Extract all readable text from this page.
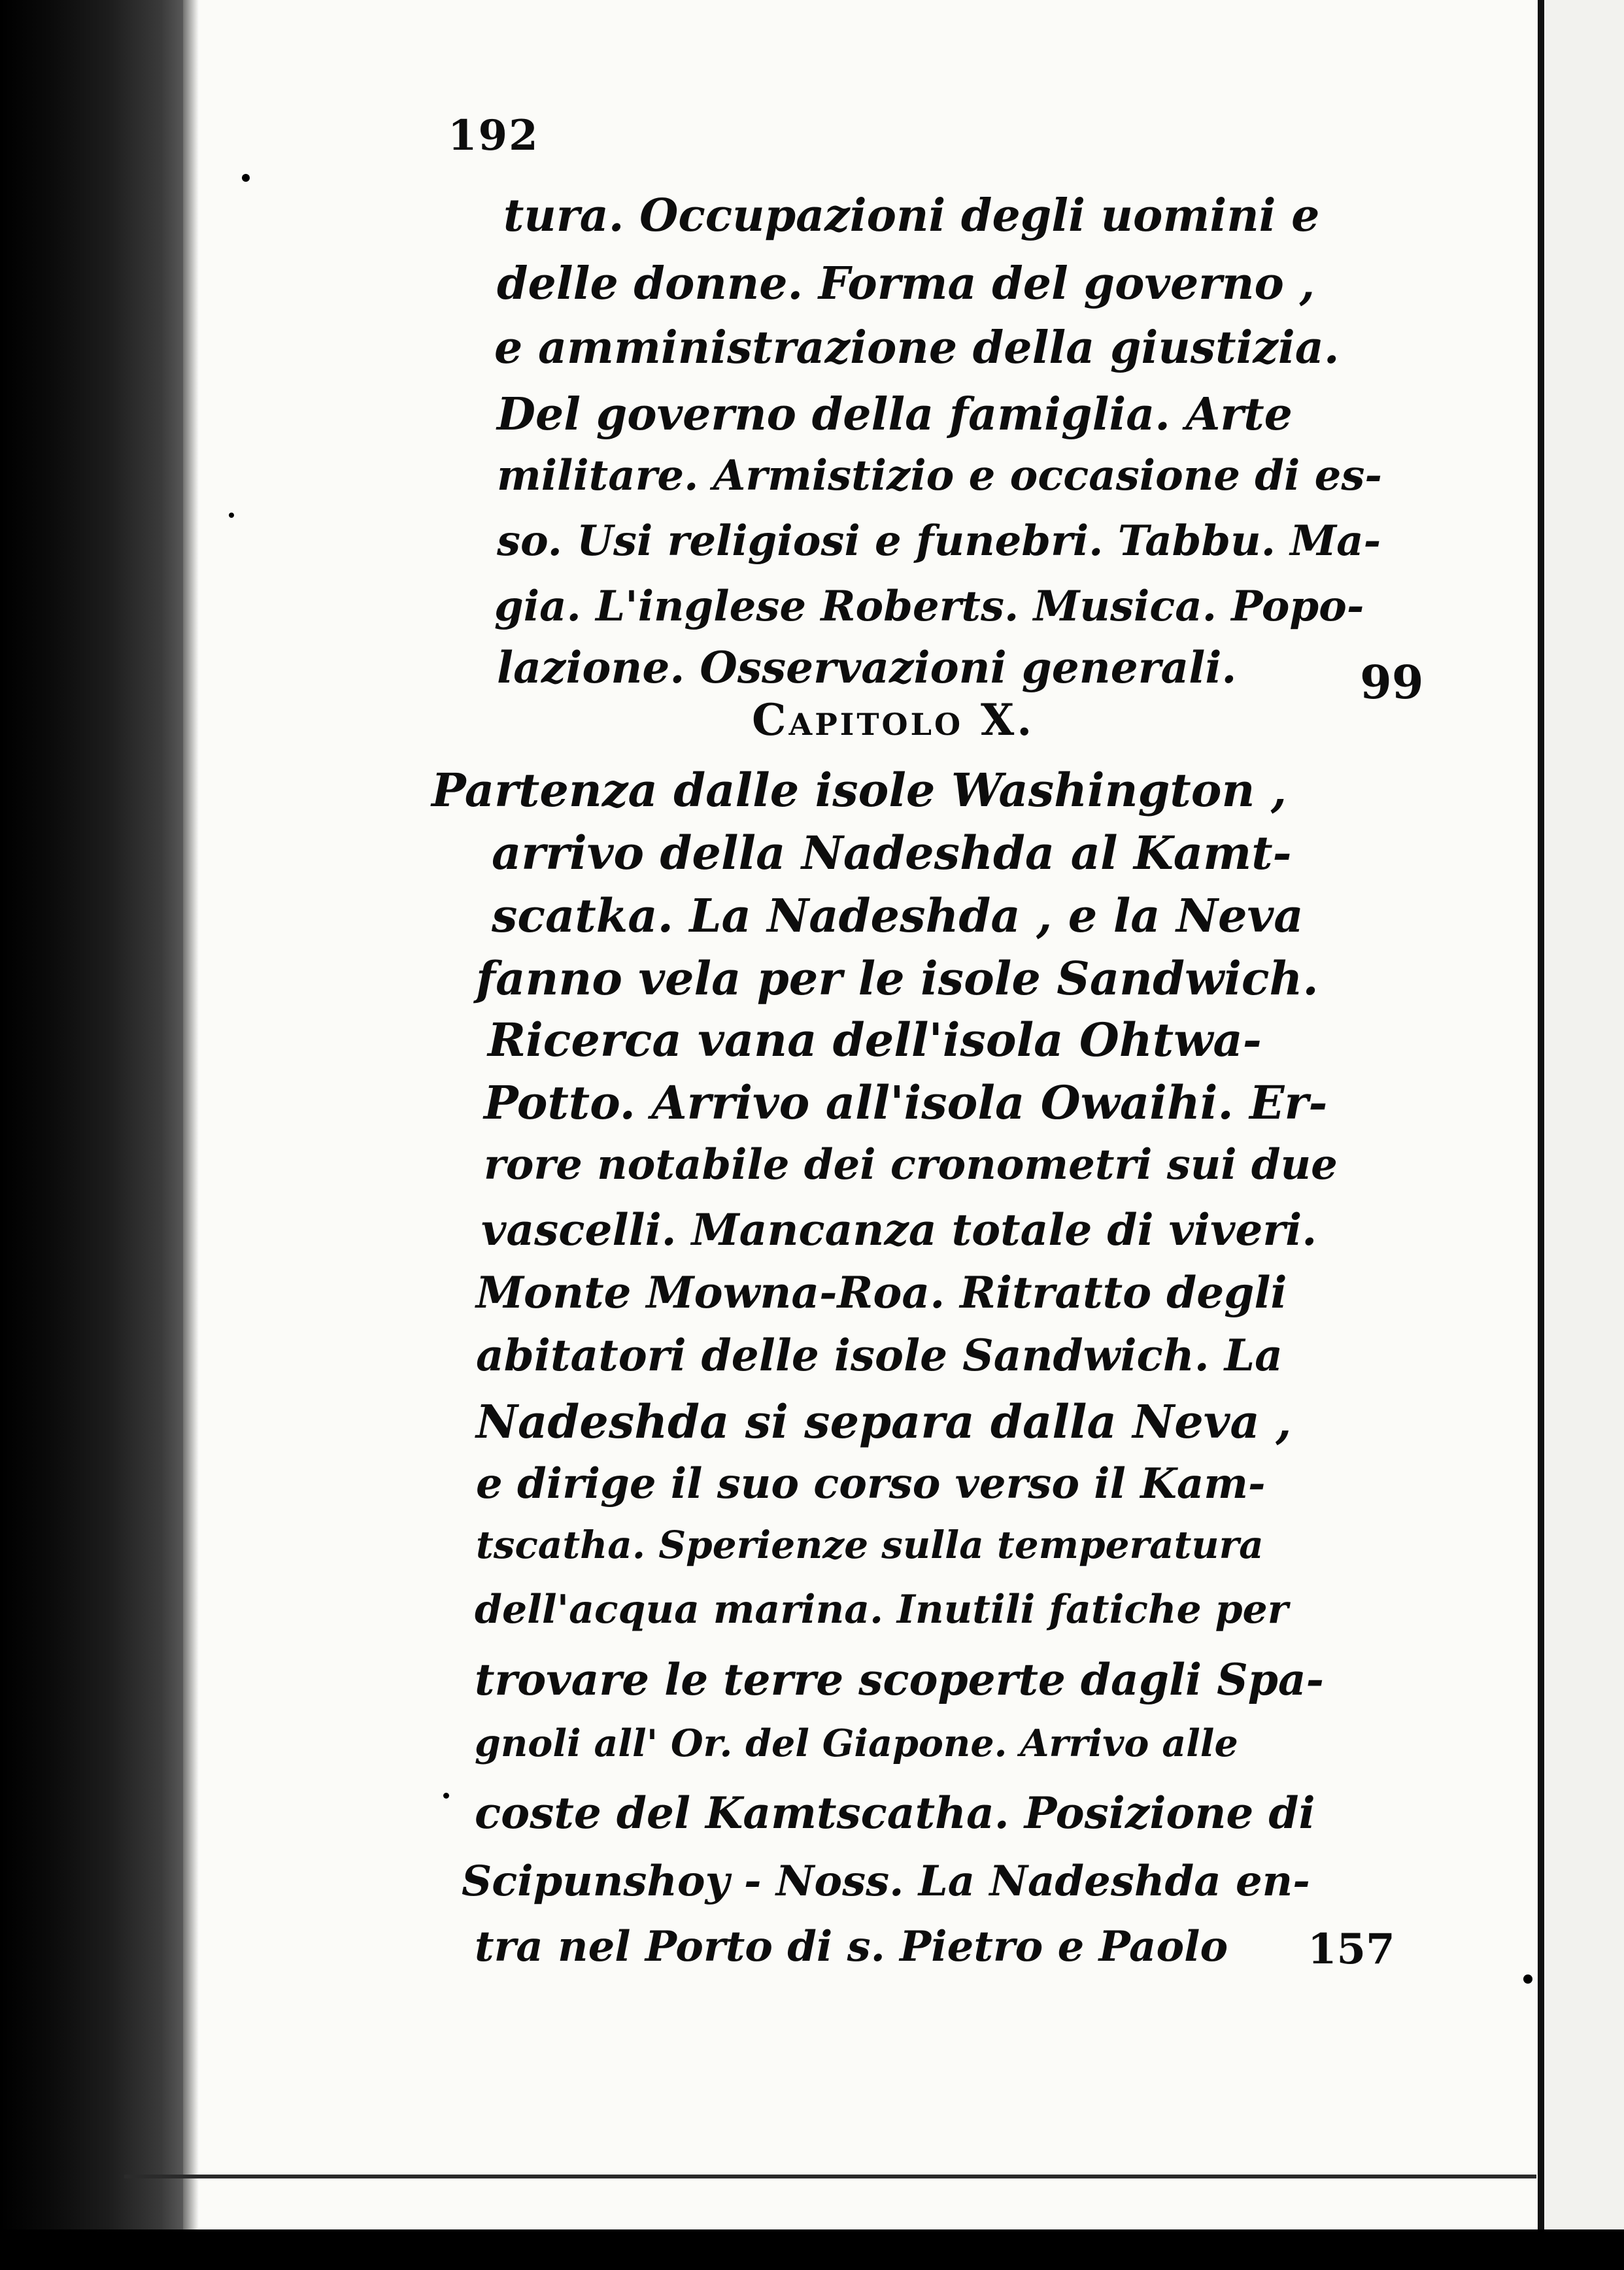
192
tura. Occupazioni degli uomini e
delle donne. Forma del governo ,
e amministrazione della giustizia.
Del governo della famiglia. Arte
militare. Armistizio e occasione di es-
so. Usi religiosi e funebri. Tabbu. Ma-
gia. L'inglese Roberts. Musica. Popo-
lazione. Osservazioni generali.	99
Capitolo X.
Partenza dalle isole Washington ,
arrivo della Nadeshda al Kamt-
scatka. La Nadeshda , e la Neva
fanno vela per le isole Sandwich.
Ricerca vana dell'isola Ohtwa-
Potto. Arrivo all'isola Owaihi. Er-
rore notabile dei cronometri sui due
vascelli. Mancanza totale di viveri.
Monte Mowna-Roa. Ritratto degli
abitatori delle isole Sandwich. La
Nadeshda si separa dalla Neva ,
e dirige il suo corso verso il Kam-
tscatha. Sperienze sulla temperatura
dell'acqua marina. Inutili fatiche per
trovare le terre scoperte dagli Spa-
gnoli all' Or. del Giapone. Arrivo alle
coste del Kamtscatha. Posizione di
Scipunshoy - Noss. La Nadeshda en-
tra nel Porto di s. Pietro e Paolo 157
